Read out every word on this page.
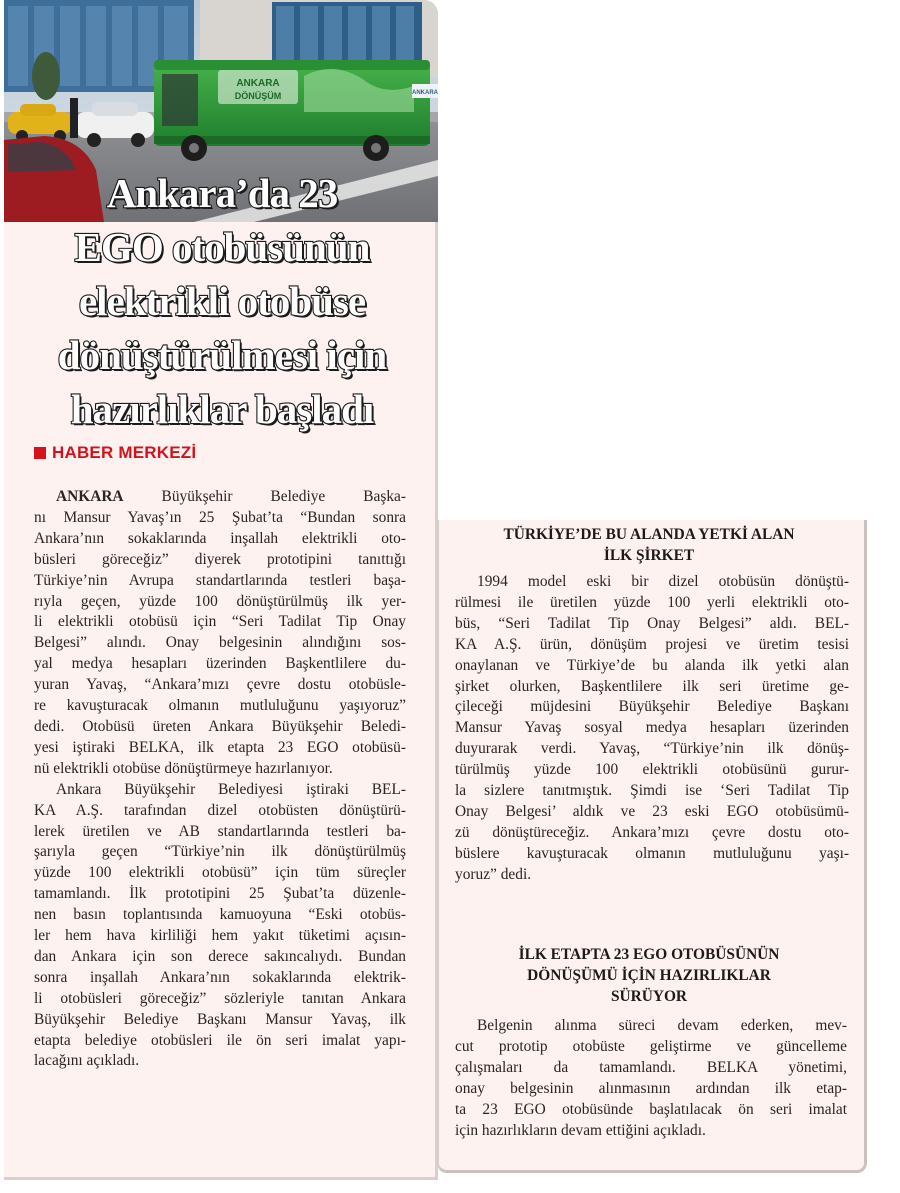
ANKARA
DÖNÜŞÜM	ANKARA
Ankara’da 23
EGO otobüsünün
elektrikli otobüse
dönüştürülmesi için
hazırlıklar başladı
HABER MERKEZİ

ANKARA Büyükşehir Belediye Başka-
nı Mansur Yavaş’ın 25 Şubat’ta “Bundan sonra
Ankara’nın sokaklarında inşallah elektrikli oto-
büsleri göreceğiz” diyerek prototipini tanıttığı
Türkiye’nin Avrupa standartlarında testleri başa-
rıyla geçen, yüzde 100 dönüştürülmüş ilk yer-
li elektrikli otobüsü için “Seri Tadilat Tip Onay
Belgesi” alındı. Onay belgesinin alındığını sos-
yal medya hesapları üzerinden Başkentlilere du-
yuran Yavaş, “Ankara’mızı çevre dostu otobüsle-
re kavuşturacak olmanın mutluluğunu yaşıyoruz”
dedi. Otobüsü üreten Ankara Büyükşehir Beledi-
yesi iştiraki BELKA, ilk etapta 23 EGO otobüsü-
nü elektrikli otobüse dönüştürmeye hazırlanıyor.
Ankara Büyükşehir Belediyesi iştiraki BEL-
KA A.Ş. tarafından dizel otobüsten dönüştürü-
lerek üretilen ve AB standartlarında testleri ba-
şarıyla geçen “Türkiye’nin ilk dönüştürülmüş
yüzde 100 elektrikli otobüsü” için tüm süreçler
tamamlandı. İlk prototipini 25 Şubat’ta düzenle-
nen basın toplantısında kamuoyuna “Eski otobüs-
ler hem hava kirliliği hem yakıt tüketimi açısın-
dan Ankara için son derece sakıncalıydı. Bundan
sonra inşallah Ankara’nın sokaklarında elektrik-
li otobüsleri göreceğiz” sözleriyle tanıtan Ankara
Büyükşehir Belediye Başkanı Mansur Yavaş, ilk
etapta belediye otobüsleri ile ön seri imalat yapı-
lacağını açıkladı.

TÜRKİYE’DE BU ALANDA YETKİ ALAN
İLK ŞİRKET

1994 model eski bir dizel otobüsün dönüştü-
rülmesi ile üretilen yüzde 100 yerli elektrikli oto-
büs, “Seri Tadilat Tip Onay Belgesi” aldı. BEL-
KA A.Ş. ürün, dönüşüm projesi ve üretim tesisi
onaylanan ve Türkiye’de bu alanda ilk yetki alan
şirket olurken, Başkentlilere ilk seri üretime ge-
çileceği müjdesini Büyükşehir Belediye Başkanı
Mansur Yavaş sosyal medya hesapları üzerinden
duyurarak verdi. Yavaş, “Türkiye’nin ilk dönüş-
türülmüş yüzde 100 elektrikli otobüsünü gurur-
la sizlere tanıtmıştık. Şimdi ise ‘Seri Tadilat Tip
Onay Belgesi’ aldık ve 23 eski EGO otobüsümü-
zü dönüştüreceğiz. Ankara’mızı çevre dostu oto-
büslere kavuşturacak olmanın mutluluğunu yaşı-
yoruz” dedi.

İLK ETAPTA 23 EGO OTOBÜSÜNÜN
DÖNÜŞÜMÜ İÇİN HAZIRLIKLAR
SÜRÜYOR

Belgenin alınma süreci devam ederken, mev-
cut prototip otobüste geliştirme ve güncelleme
çalışmaları da tamamlandı. BELKA yönetimi,
onay belgesinin alınmasının ardından ilk etap-
ta 23 EGO otobüsünde başlatılacak ön seri imalat
için hazırlıkların devam ettiğini açıkladı.
